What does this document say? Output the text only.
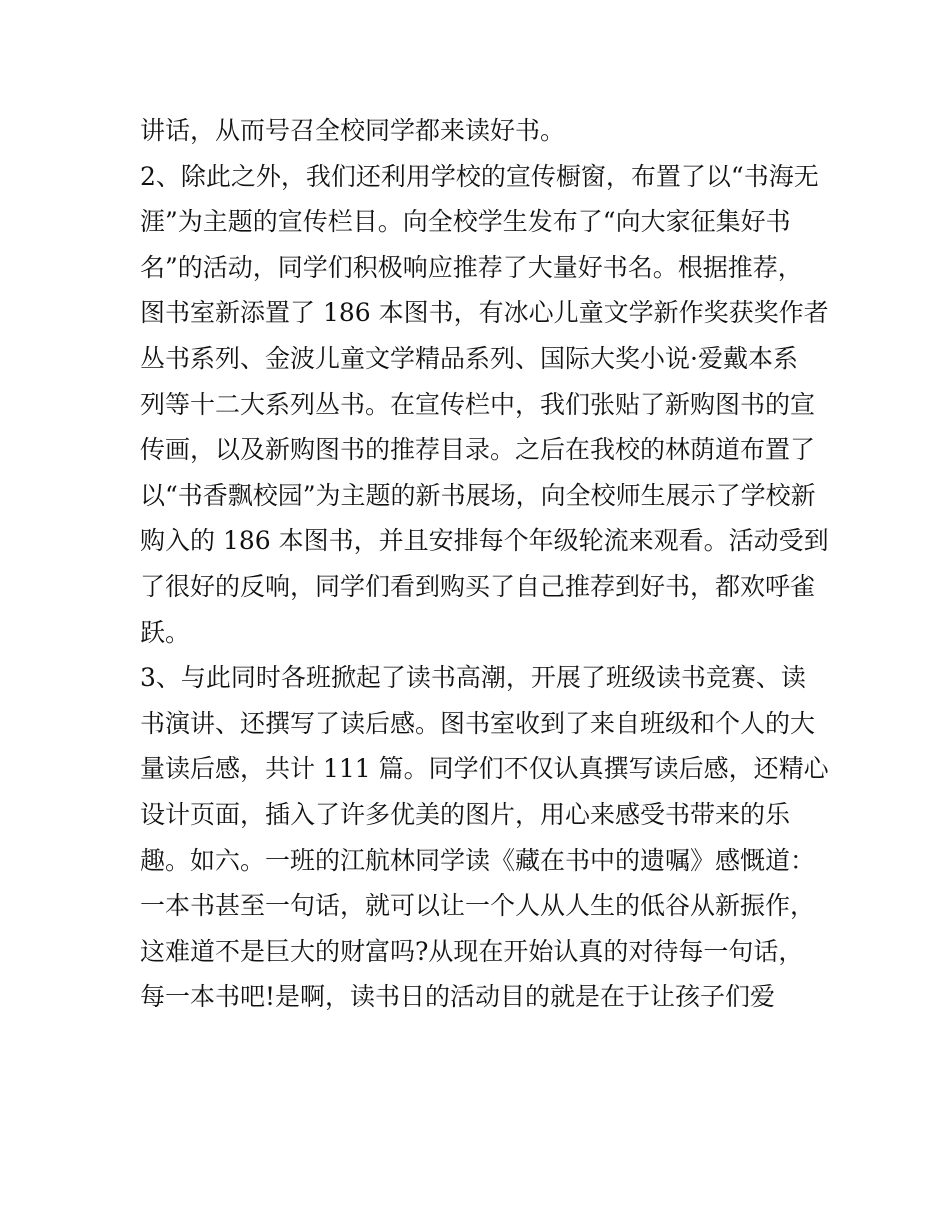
讲话，从而号召全校同学都来读好书。
2、除此之外，我们还利用学校的宣传橱窗，布置了以“书海无
涯”为主题的宣传栏目。向全校学生发布了“向大家征集好书
名”的活动，同学们积极响应推荐了大量好书名。根据推荐，
图书室新添置了 186 本图书，有冰心儿童文学新作奖获奖作者
丛书系列、金波儿童文学精品系列、国际大奖小说·爱戴本系
列等十二大系列丛书。在宣传栏中，我们张贴了新购图书的宣
传画，以及新购图书的推荐目录。之后在我校的林荫道布置了
以“书香飘校园”为主题的新书展场，向全校师生展示了学校新
购入的 186 本图书，并且安排每个年级轮流来观看。活动受到
了很好的反响，同学们看到购买了自己推荐到好书，都欢呼雀
跃。
3、与此同时各班掀起了读书高潮，开展了班级读书竞赛、读
书演讲、还撰写了读后感。图书室收到了来自班级和个人的大
量读后感，共计 111 篇。同学们不仅认真撰写读后感，还精心
设计页面，插入了许多优美的图片，用心来感受书带来的乐
趣。如六。一班的江航林同学读《藏在书中的遗嘱》感慨道：
一本书甚至一句话，就可以让一个人从人生的低谷从新振作，
这难道不是巨大的财富吗?从现在开始认真的对待每一句话，
每一本书吧!是啊，读书日的活动目的就是在于让孩子们爱
